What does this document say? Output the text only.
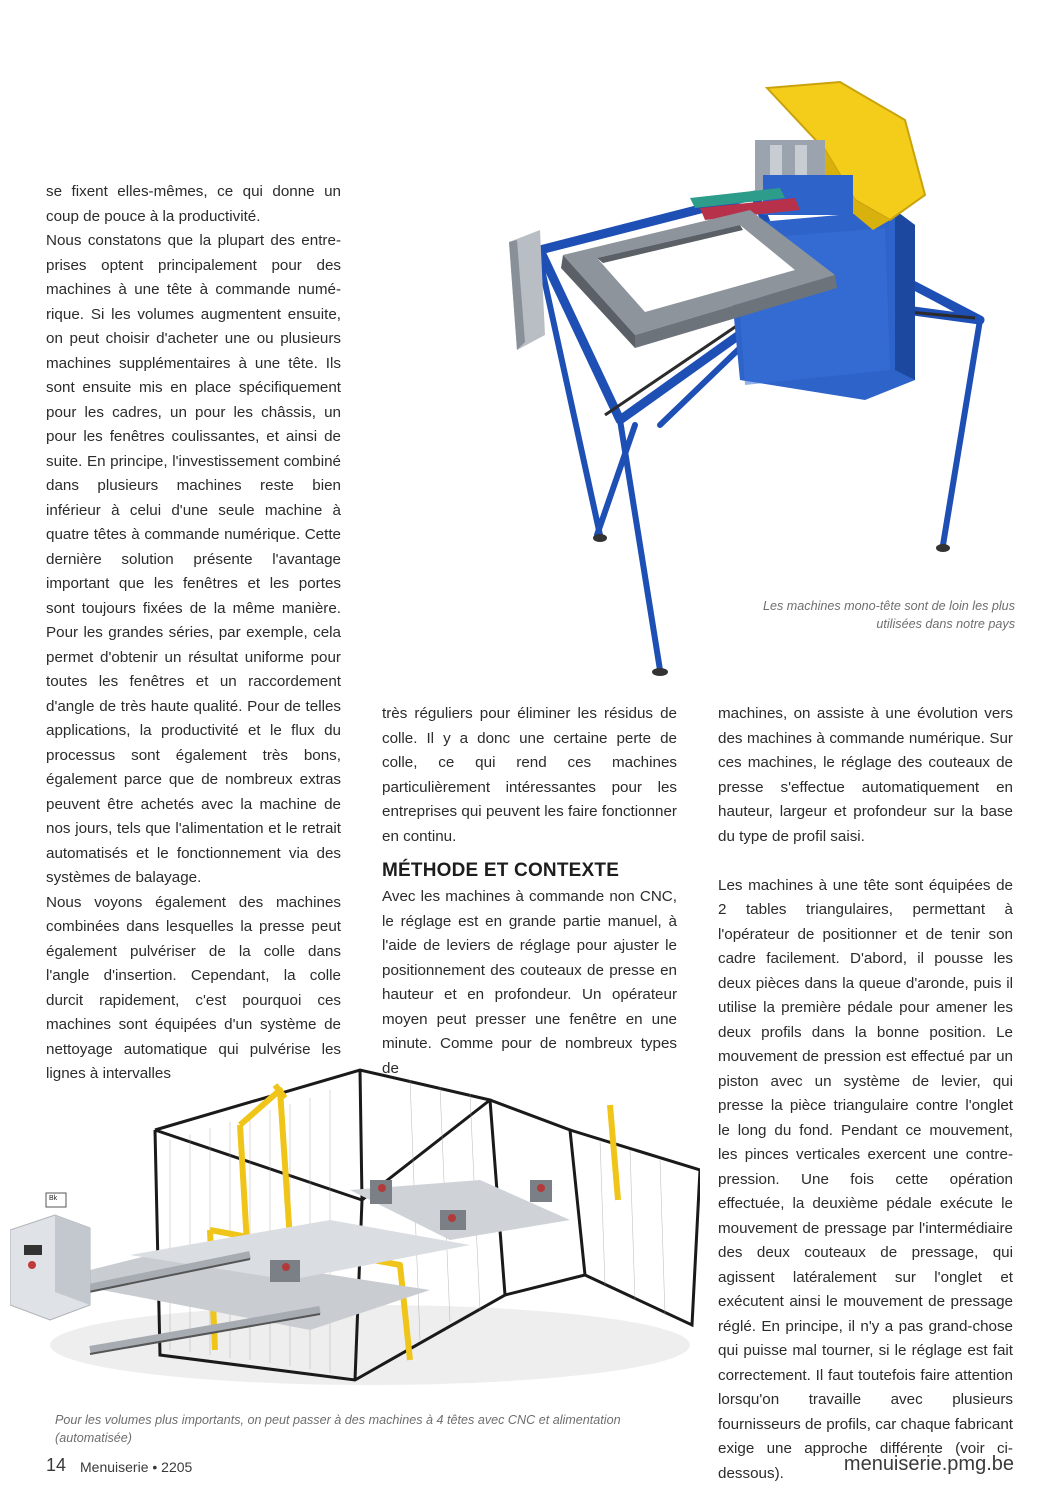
Les machines mono-tête sont de loin les plus utilisées dans notre pays

se fixent elles-mêmes, ce qui donne un coup de pouce à la productivité.

Nous constatons que la plupart des entreprises optent principalement pour des machines à une tête à commande numérique. Si les volumes augmentent ensuite, on peut choisir d'acheter une ou plusieurs machines supplémentaires à une tête. Ils sont ensuite mis en place spécifiquement pour les cadres, un pour les châssis, un pour les fenêtres coulissantes, et ainsi de suite. En principe, l'investissement combiné dans plusieurs machines reste bien inférieur à celui d'une seule machine à quatre têtes à commande numérique. Cette dernière solution présente l'avantage important que les fenêtres et les portes sont toujours fixées de la même manière. Pour les grandes séries, par exemple, cela permet d'obtenir un résultat uniforme pour toutes les fenêtres et un raccordement d'angle de très haute qualité. Pour de telles applications, la productivité et le flux du processus sont également très bons, également parce que de nombreux extras peuvent être achetés avec la machine de nos jours, tels que l'alimentation et le retrait automatisés et le fonctionnement via des systèmes de balayage.

Nous voyons également des machines combinées dans lesquelles la presse peut également pulvériser de la colle dans l'angle d'insertion. Cependant, la colle durcit rapidement, c'est pourquoi ces machines sont équipées d'un système de nettoyage automatique qui pulvérise les lignes à intervalles

très réguliers pour éliminer les résidus de colle. Il y a donc une certaine perte de colle, ce qui rend ces machines particulièrement intéressantes pour les entreprises qui peuvent les faire fonctionner en continu.

MÉTHODE ET CONTEXTE

Avec les machines à commande non CNC, le réglage est en grande partie manuel, à l'aide de leviers de réglage pour ajuster le positionnement des couteaux de presse en hauteur et en profondeur. Un opérateur moyen peut presser une fenêtre en une minute. Comme pour de nombreux types de

machines, on assiste à une évolution vers des machines à commande numérique. Sur ces machines, le réglage des couteaux de presse s'effectue automatiquement en hauteur, largeur et profondeur sur la base du type de profil saisi.

Les machines à une tête sont équipées de 2 tables triangulaires, permettant à l'opérateur de positionner et de tenir son cadre facilement. D'abord, il pousse les deux pièces dans la queue d'aronde, puis il utilise la première pédale pour amener les deux profils dans la bonne position. Le mouvement de pression est effectué par un piston avec un système de levier, qui presse la pièce triangulaire contre l'onglet le long du fond. Pendant ce mouvement, les pinces verticales exercent une contre-pression. Une fois cette opération effectuée, la deuxième pédale exécute le mouvement de pressage par l'intermédiaire des deux couteaux de pressage, qui agissent latéralement sur l'onglet et exécutent ainsi le mouvement de pressage réglé. En principe, il n'y a pas grand-chose qui puisse mal tourner, si le réglage est fait correctement. Il faut toutefois faire attention lorsqu'on travaille avec plusieurs fournisseurs de profils, car chaque fabricant exige une approche différente (voir ci-dessous).

Bk
Pour les volumes plus importants, on peut passer à des machines à 4 têtes avec CNC et alimentation (automatisée)
14 Menuiserie • 2205	menuiserie.pmg.be
